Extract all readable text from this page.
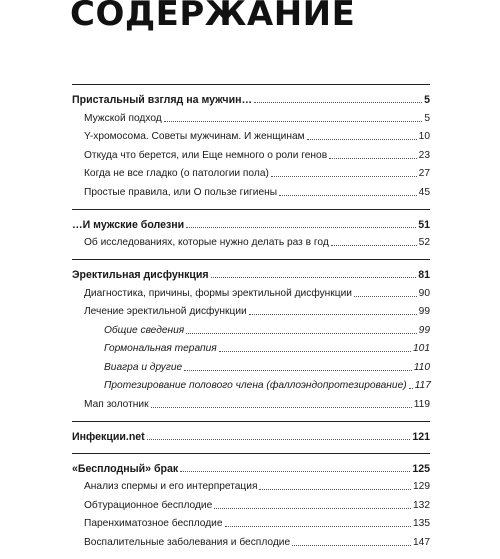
СОДЕРЖАНИЕ
Пристальный взгляд на мужчин…	5
Мужской подход	5
Y-хромосома. Советы мужчинам. И женщинам	10
Откуда что берется, или Еще немного о роли генов	23
Когда не все гладко (о патологии пола)	27
Простые правила, или О пользе гигиены	45
…И мужские болезни	51
Об исследованиях, которые нужно делать раз в год	52
Эректильная дисфункция	81
Диагностика, причины, формы эректильной дисфункции	90
Лечение эректильной дисфункции	99
Общие сведения	99
Гормональная терапия	101
Виагра и другие	110
Протезирование полового члена (фаллоэндопротезирование) 117
Мап золотник	119
Инфекции.net	121
«Бесплодный» брак	125
Анализ спермы и его интерпретация	129
Обтурационное бесплодие	132
Паренхиматозное бесплодие	135
Воспалительные заболевания и бесплодие	147
